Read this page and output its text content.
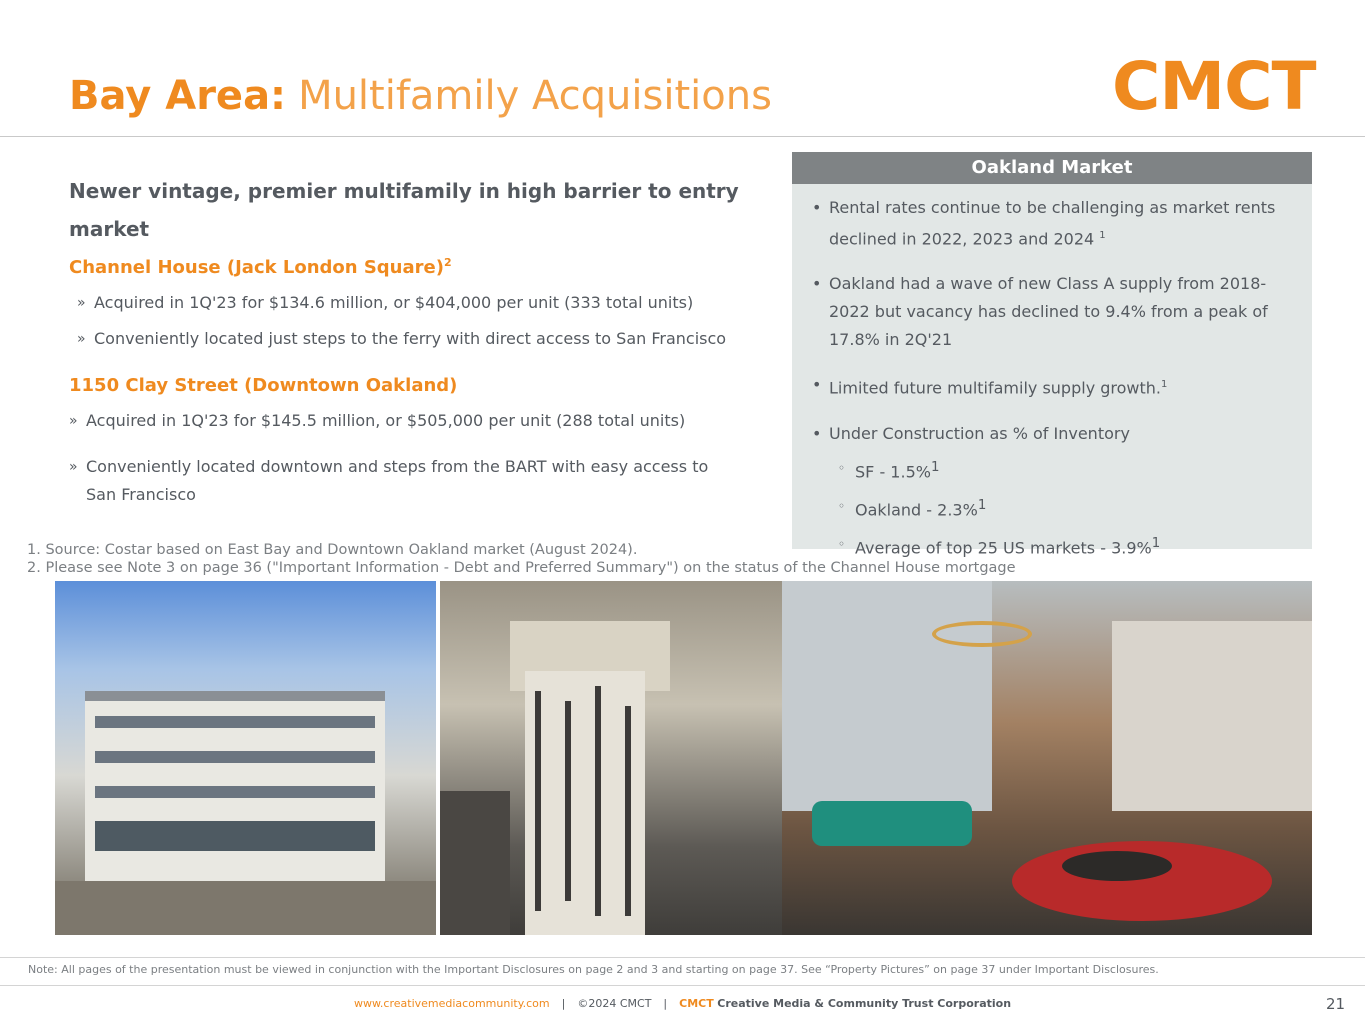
Bay Area: Multifamily Acquisitions	CMCT
Newer vintage, premier multifamily in high barrier to entry market
Channel House (Jack London Square)$^2$
» Acquired in 1Q'23 for $134.6 million, or $404,000 per unit (333 total units)
» Conveniently located just steps to the ferry with direct access to San Francisco
1150 Clay Street (Downtown Oakland)
» Acquired in 1Q'23 for $145.5 million, or $505,000 per unit (288 total units)
» Conveniently located downtown and steps from the BART with easy access to San Francisco
Oakland Market
• Rental rates continue to be challenging as market rents declined in 2022, 2023 and 2024 $^1$
• Oakland had a wave of new Class A supply from 2018-2022 but vacancy has declined to 9.4% from a peak of 17.8% in 2Q'21
• Limited future multifamily supply growth.$^1$
• Under Construction as % of Inventory
◦ SF - 1.5%$^1$
◦ Oakland - 2.3%$^1$
◦ Average of top 25 US markets - 3.9%$^1$
1. Source: Costar based on East Bay and Downtown Oakland market (August 2024).
2. Please see Note 3 on page 36 ("Important Information - Debt and Preferred Summary") on the status of the Channel House mortgage
Note: All pages of the presentation must be viewed in conjunction with the Important Disclosures on page 2 and 3 and starting on page 37. See “Property Pictures” on page 37 under Important Disclosures.
www.creativemediacommunity.com | ©2024 CMCT | CMCT Creative Media & Community Trust Corporation	21
